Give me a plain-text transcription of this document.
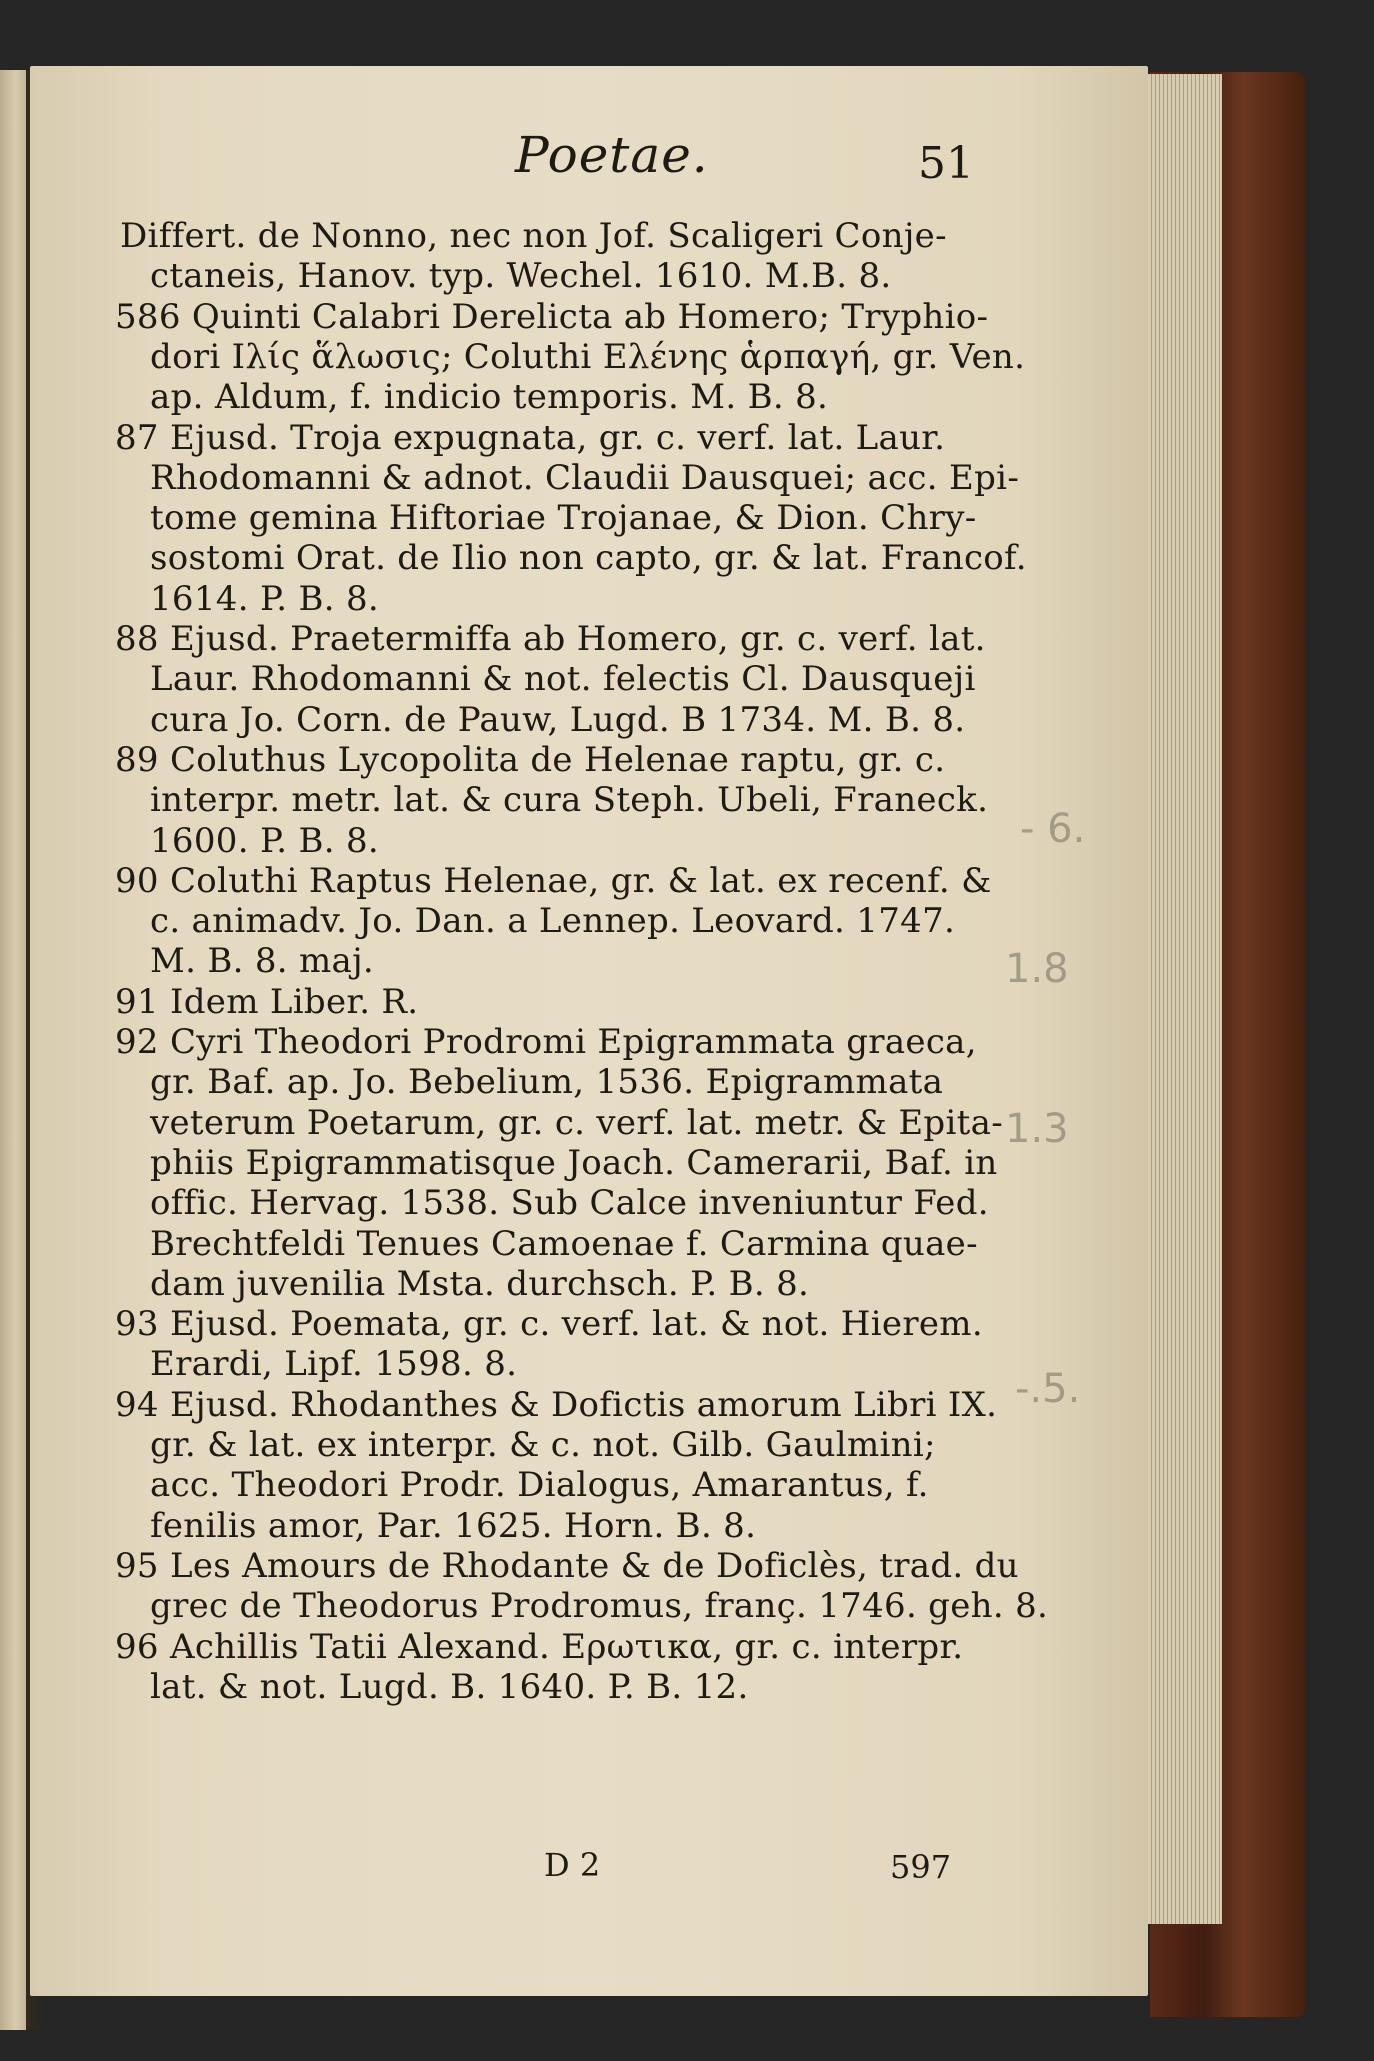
Poetae.	51
Differt. de Nonno, nec non Jof. Scaligeri Conje-
ctaneis, Hanov. typ. Wechel. 1610. M.B. 8.
586 Quinti Calabri Derelicta ab Homero; Tryphio-
dori Ιλίς ἅλωσις; Coluthi Ελένης ἁρπαγή, gr. Ven.
ap. Aldum, f. indicio temporis. M. B. 8.
87 Ejusd. Troja expugnata, gr. c. verf. lat. Laur.
Rhodomanni & adnot. Claudii Dausquei; acc. Epi-
tome gemina Hiftoriae Trojanae, & Dion. Chry-
sostomi Orat. de Ilio non capto, gr. & lat. Francof.
1614. P. B. 8.
88 Ejusd. Praetermiffa ab Homero, gr. c. verf. lat.
Laur. Rhodomanni & not. felectis Cl. Dausqueji
cura Jo. Corn. de Pauw, Lugd. B 1734. M. B. 8.
89 Coluthus Lycopolita de Helenae raptu, gr. c.
interpr. metr. lat. & cura Steph. Ubeli, Franeck.
1600. P. B. 8.
90 Coluthi Raptus Helenae, gr. & lat. ex recenf. &
c. animadv. Jo. Dan. a Lennep. Leovard. 1747.
M. B. 8. maj.
91 Idem Liber. R.
92 Cyri Theodori Prodromi Epigrammata graeca,
gr. Baf. ap. Jo. Bebelium, 1536. Epigrammata
veterum Poetarum, gr. c. verf. lat. metr. & Epita-
phiis Epigrammatisque Joach. Camerarii, Baf. in
offic. Hervag. 1538. Sub Calce inveniuntur Fed.
Brechtfeldi Tenues Camoenae f. Carmina quae-
dam juvenilia Msta. durchsch. P. B. 8.
93 Ejusd. Poemata, gr. c. verf. lat. & not. Hierem.
Erardi, Lipf. 1598. 8.
94 Ejusd. Rhodanthes & Dofictis amorum Libri IX.
gr. & lat. ex interpr. & c. not. Gilb. Gaulmini;
acc. Theodori Prodr. Dialogus, Amarantus, f.
fenilis amor, Par. 1625. Horn. B. 8.
95 Les Amours de Rhodante & de Doficlès, trad. du
grec de Theodorus Prodromus, franç. 1746. geh. 8.
96 Achillis Tatii Alexand. Ερωτικα, gr. c. interpr.
lat. & not. Lugd. B. 1640. P. B. 12.
D 2	597
- 6.
1.8
1.3
-.5.
